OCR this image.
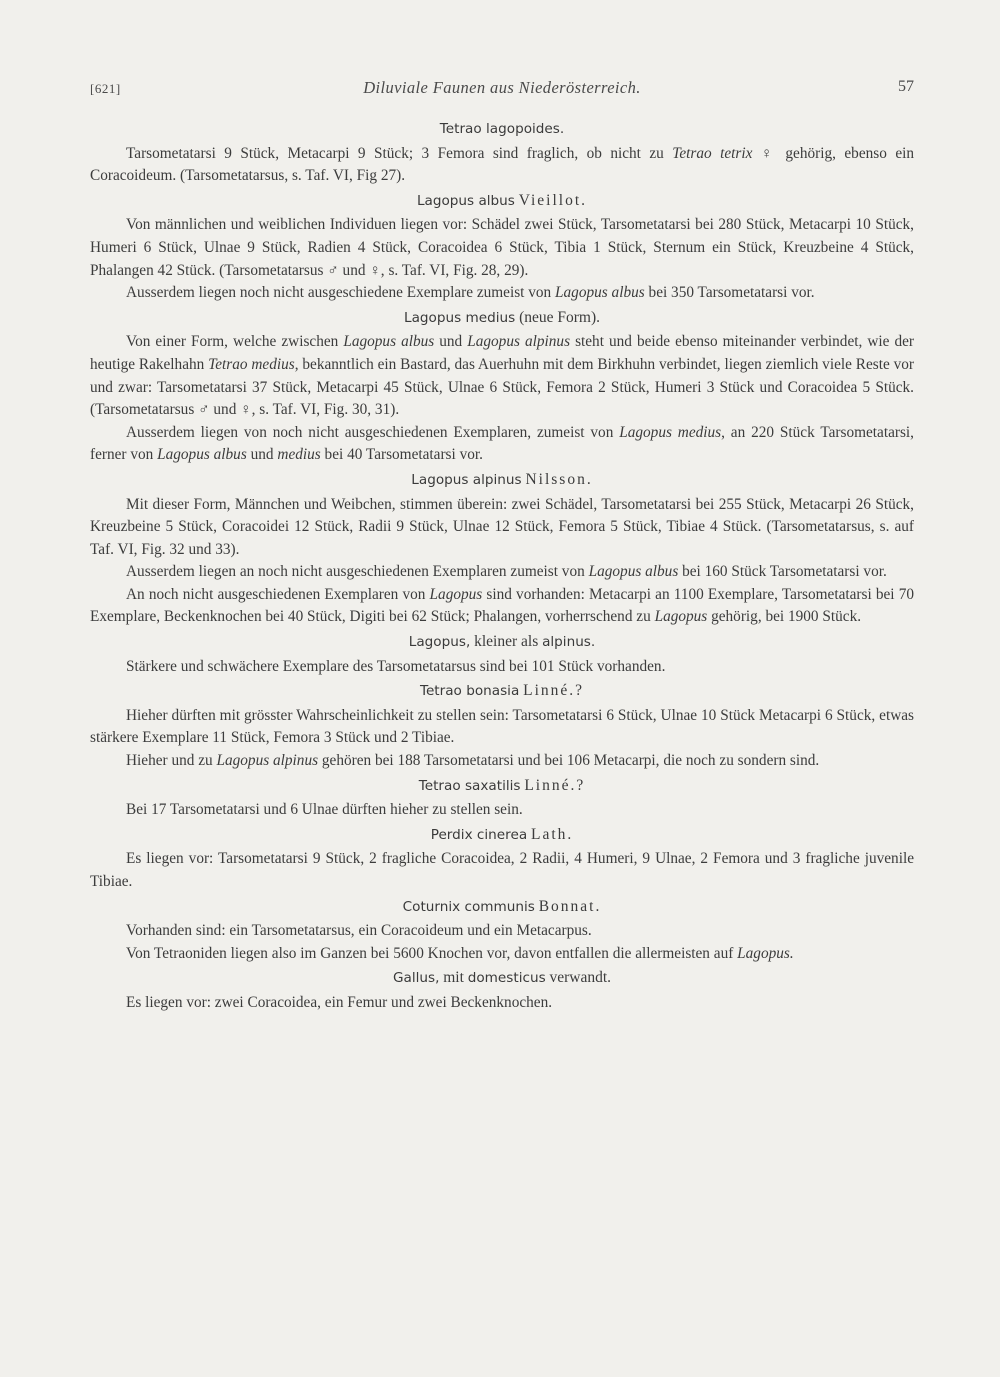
[621]	Diluviale Faunen aus Niederösterreich.	57
Tetrao lagopoides.

Tarsometatarsi 9 Stück, Metacarpi 9 Stück; 3 Femora sind fraglich, ob nicht zu Tetrao tetrix ♀ gehörig, ebenso ein Coracoideum. (Tarsometatarsus, s. Taf. VI, Fig 27).

Lagopus albus Vieillot.

Von männlichen und weiblichen Individuen liegen vor: Schädel zwei Stück, Tarsometatarsi bei 280 Stück, Metacarpi 10 Stück, Humeri 6 Stück, Ulnae 9 Stück, Radien 4 Stück, Coracoidea 6 Stück, Tibia 1 Stück, Sternum ein Stück, Kreuzbeine 4 Stück, Phalangen 42 Stück. (Tarsometatarsus ♂ und ♀, s. Taf. VI, Fig. 28, 29).

Ausserdem liegen noch nicht ausgeschiedene Exemplare zumeist von Lagopus albus bei 350 Tarsometatarsi vor.

Lagopus medius (neue Form).

Von einer Form, welche zwischen Lagopus albus und Lagopus alpinus steht und beide ebenso miteinander verbindet, wie der heutige Rakelhahn Tetrao medius, bekanntlich ein Bastard, das Auerhuhn mit dem Birkhuhn verbindet, liegen ziemlich viele Reste vor und zwar: Tarsometatarsi 37 Stück, Metacarpi 45 Stück, Ulnae 6 Stück, Femora 2 Stück, Humeri 3 Stück und Coracoidea 5 Stück. (Tarsometatarsus ♂ und ♀, s. Taf. VI, Fig. 30, 31).

Ausserdem liegen von noch nicht ausgeschiedenen Exemplaren, zumeist von Lagopus medius, an 220 Stück Tarsometatarsi, ferner von Lagopus albus und medius bei 40 Tarsometatarsi vor.

Lagopus alpinus Nilsson.

Mit dieser Form, Männchen und Weibchen, stimmen überein: zwei Schädel, Tarsometatarsi bei 255 Stück, Metacarpi 26 Stück, Kreuzbeine 5 Stück, Coracoidei 12 Stück, Radii 9 Stück, Ulnae 12 Stück, Femora 5 Stück, Tibiae 4 Stück. (Tarsometatarsus, s. auf Taf. VI, Fig. 32 und 33).

Ausserdem liegen an noch nicht ausgeschiedenen Exemplaren zumeist von Lagopus albus bei 160 Stück Tarsometatarsi vor.

An noch nicht ausgeschiedenen Exemplaren von Lagopus sind vorhanden: Metacarpi an 1100 Exemplare, Tarsometatarsi bei 70 Exemplare, Beckenknochen bei 40 Stück, Digiti bei 62 Stück; Phalangen, vorherrschend zu Lagopus gehörig, bei 1900 Stück.

Lagopus, kleiner als alpinus.

Stärkere und schwächere Exemplare des Tarsometatarsus sind bei 101 Stück vorhanden.

Tetrao bonasia Linné.?

Hieher dürften mit grösster Wahrscheinlichkeit zu stellen sein: Tarsometatarsi 6 Stück, Ulnae 10 Stück Metacarpi 6 Stück, etwas stärkere Exemplare 11 Stück, Femora 3 Stück und 2 Tibiae.

Hieher und zu Lagopus alpinus gehören bei 188 Tarsometatarsi und bei 106 Metacarpi, die noch zu sondern sind.

Tetrao saxatilis Linné.?

Bei 17 Tarsometatarsi und 6 Ulnae dürften hieher zu stellen sein.

Perdix cinerea Lath.

Es liegen vor: Tarsometatarsi 9 Stück, 2 fragliche Coracoidea, 2 Radii, 4 Humeri, 9 Ulnae, 2 Femora und 3 fragliche juvenile Tibiae.

Coturnix communis Bonnat.

Vorhanden sind: ein Tarsometatarsus, ein Coracoideum und ein Metacarpus.

Von Tetraoniden liegen also im Ganzen bei 5600 Knochen vor, davon entfallen die allermeisten auf Lagopus.

Gallus, mit domesticus verwandt.

Es liegen vor: zwei Coracoidea, ein Femur und zwei Beckenknochen.
